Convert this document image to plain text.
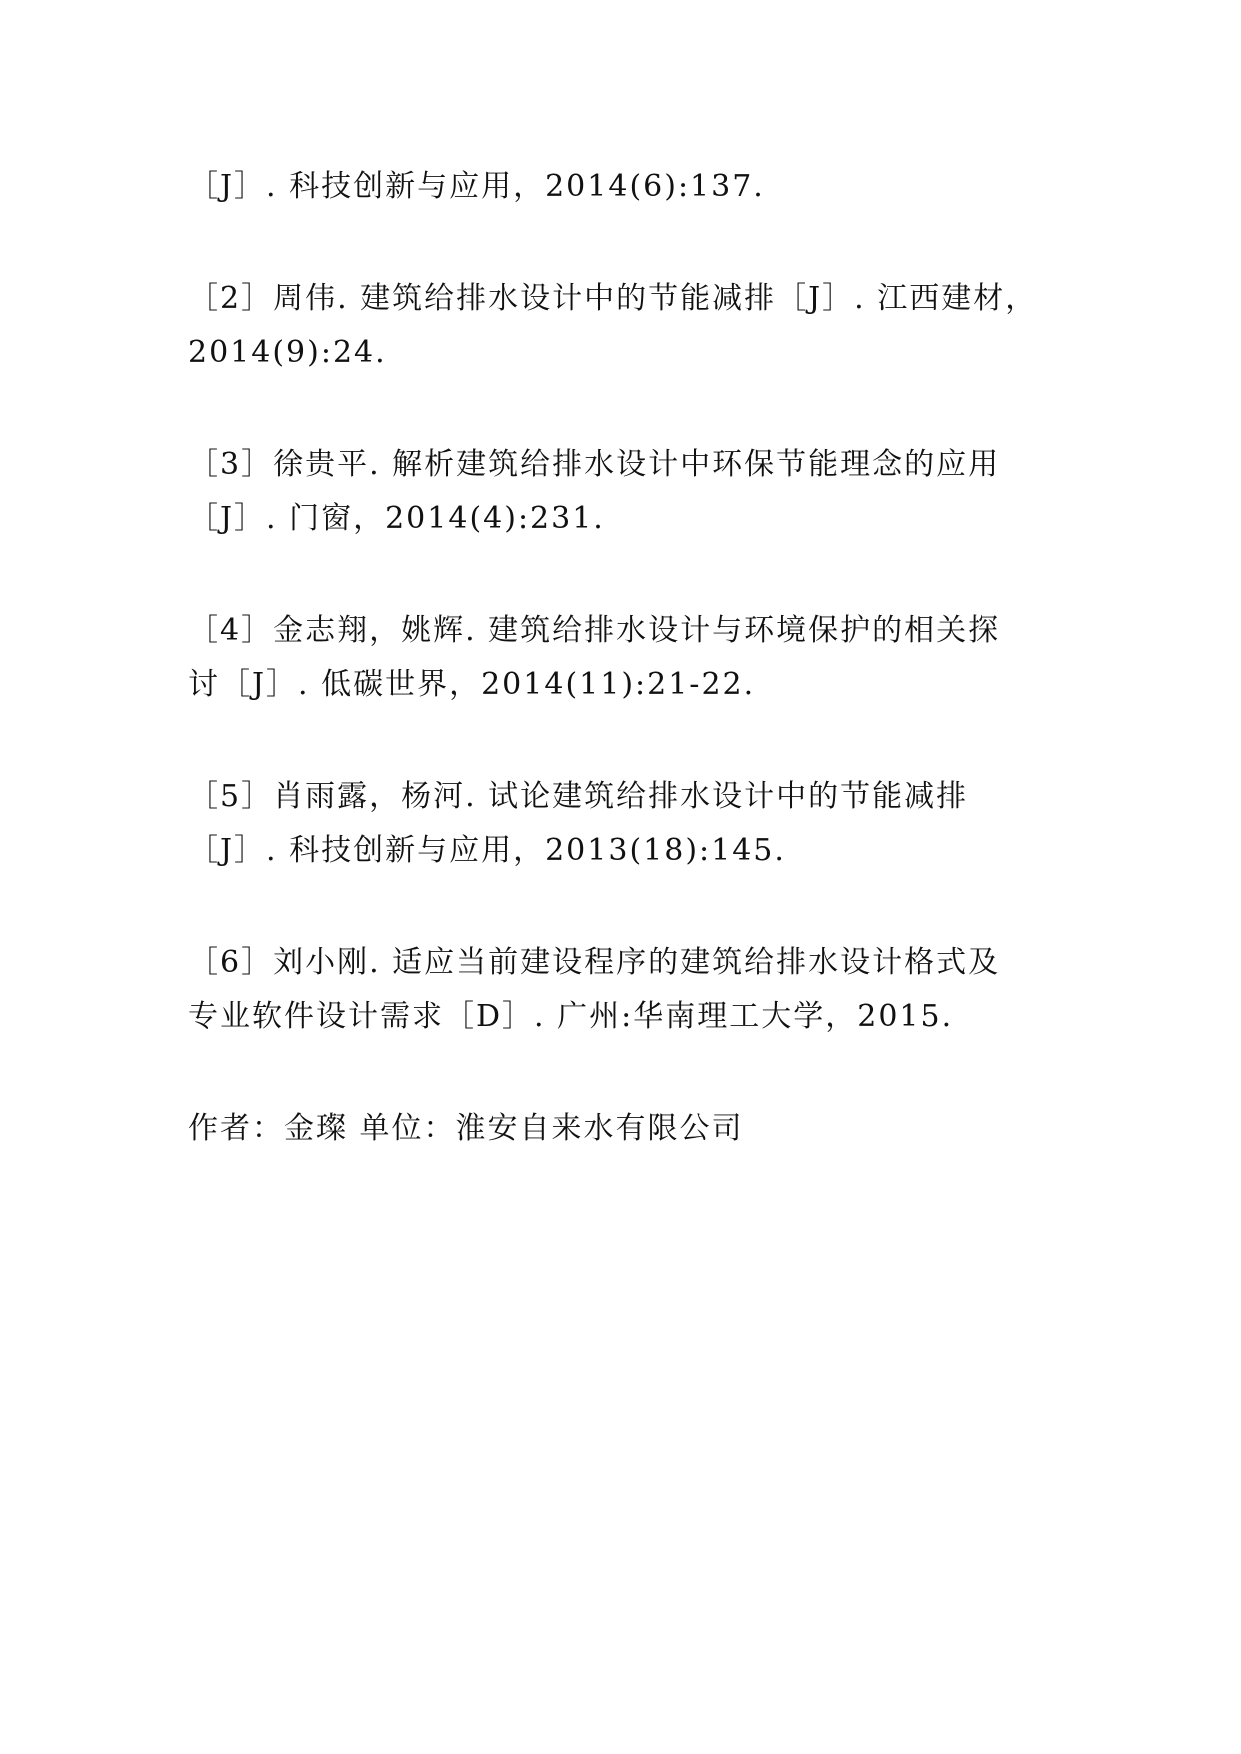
［J］. 科技创新与应用，2014(6):137.
［2］周伟. 建筑给排水设计中的节能减排［J］. 江西建材，
2014(9):24.
［3］徐贵平. 解析建筑给排水设计中环保节能理念的应用
［J］. 门窗，2014(4):231.
［4］金志翔，姚辉. 建筑给排水设计与环境保护的相关探
讨［J］. 低碳世界，2014(11):21-22.
［5］肖雨露，杨河. 试论建筑给排水设计中的节能减排
［J］. 科技创新与应用，2013(18):145.
［6］刘小刚. 适应当前建设程序的建筑给排水设计格式及
专业软件设计需求［D］. 广州:华南理工大学，2015.
作者：金璨 单位：淮安自来水有限公司
